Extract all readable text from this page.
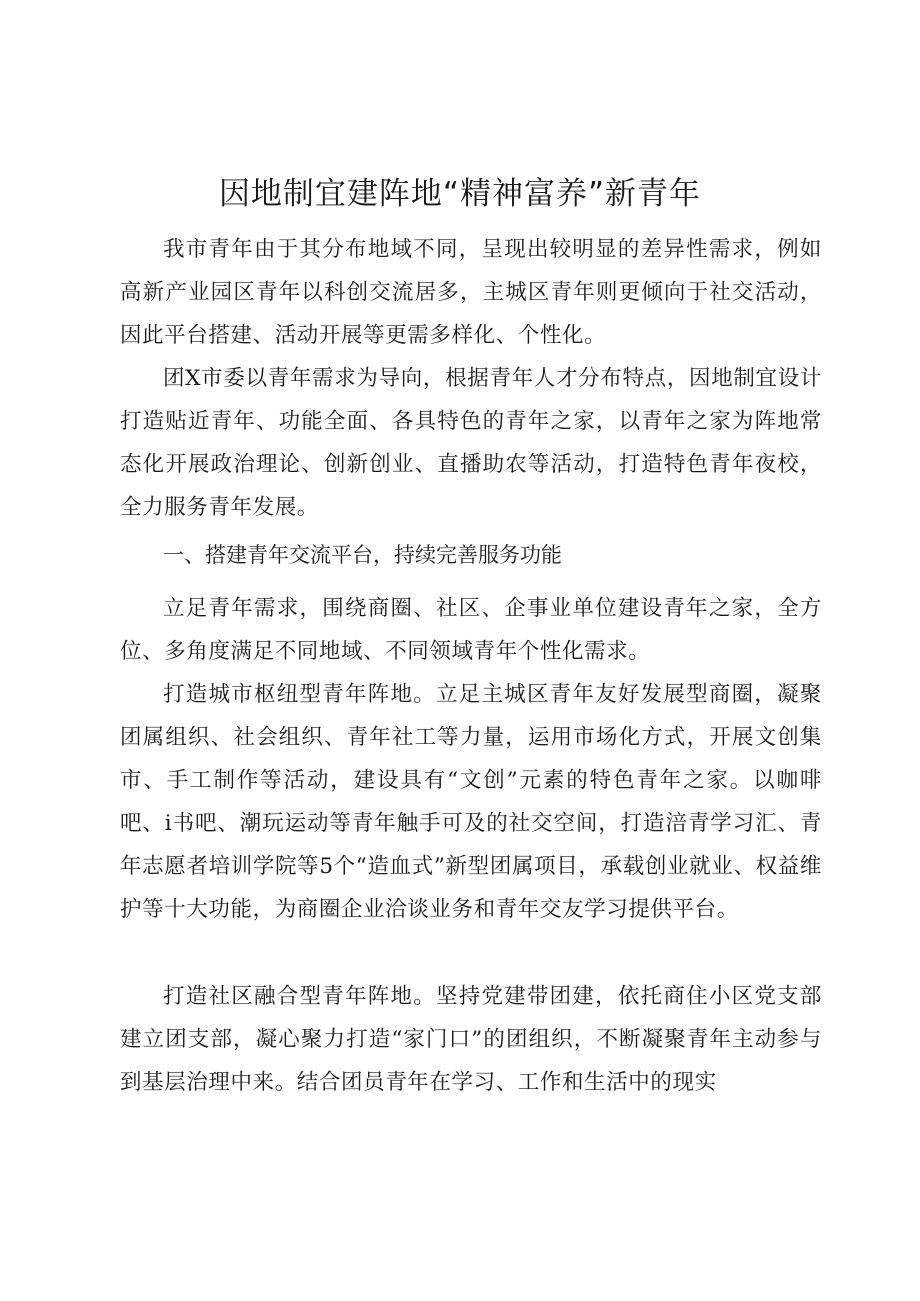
因地制宜建阵地“精神富养”新青年

我市青年由于其分布地域不同，呈现出较明显的差异性需求，例如高新产业园区青年以科创交流居多，主城区青年则更倾向于社交活动，因此平台搭建、活动开展等更需多样化、个性化。

团X市委以青年需求为导向，根据青年人才分布特点，因地制宜设计打造贴近青年、功能全面、各具特色的青年之家，以青年之家为阵地常态化开展政治理论、创新创业、直播助农等活动，打造特色青年夜校，全力服务青年发展。

一、搭建青年交流平台，持续完善服务功能

立足青年需求，围绕商圈、社区、企事业单位建设青年之家，全方位、多角度满足不同地域、不同领域青年个性化需求。

打造城市枢纽型青年阵地。立足主城区青年友好发展型商圈，凝聚团属组织、社会组织、青年社工等力量，运用市场化方式，开展文创集市、手工制作等活动，建设具有“文创”元素的特色青年之家。以咖啡吧、i书吧、潮玩运动等青年触手可及的社交空间，打造涪青学习汇、青年志愿者培训学院等5个“造血式”新型团属项目，承载创业就业、权益维护等十大功能，为商圈企业洽谈业务和青年交友学习提供平台。

打造社区融合型青年阵地。坚持党建带团建，依托商住小区党支部建立团支部，凝心聚力打造“家门口”的团组织，不断凝聚青年主动参与到基层治理中来。结合团员青年在学习、工作和生活中的现实
